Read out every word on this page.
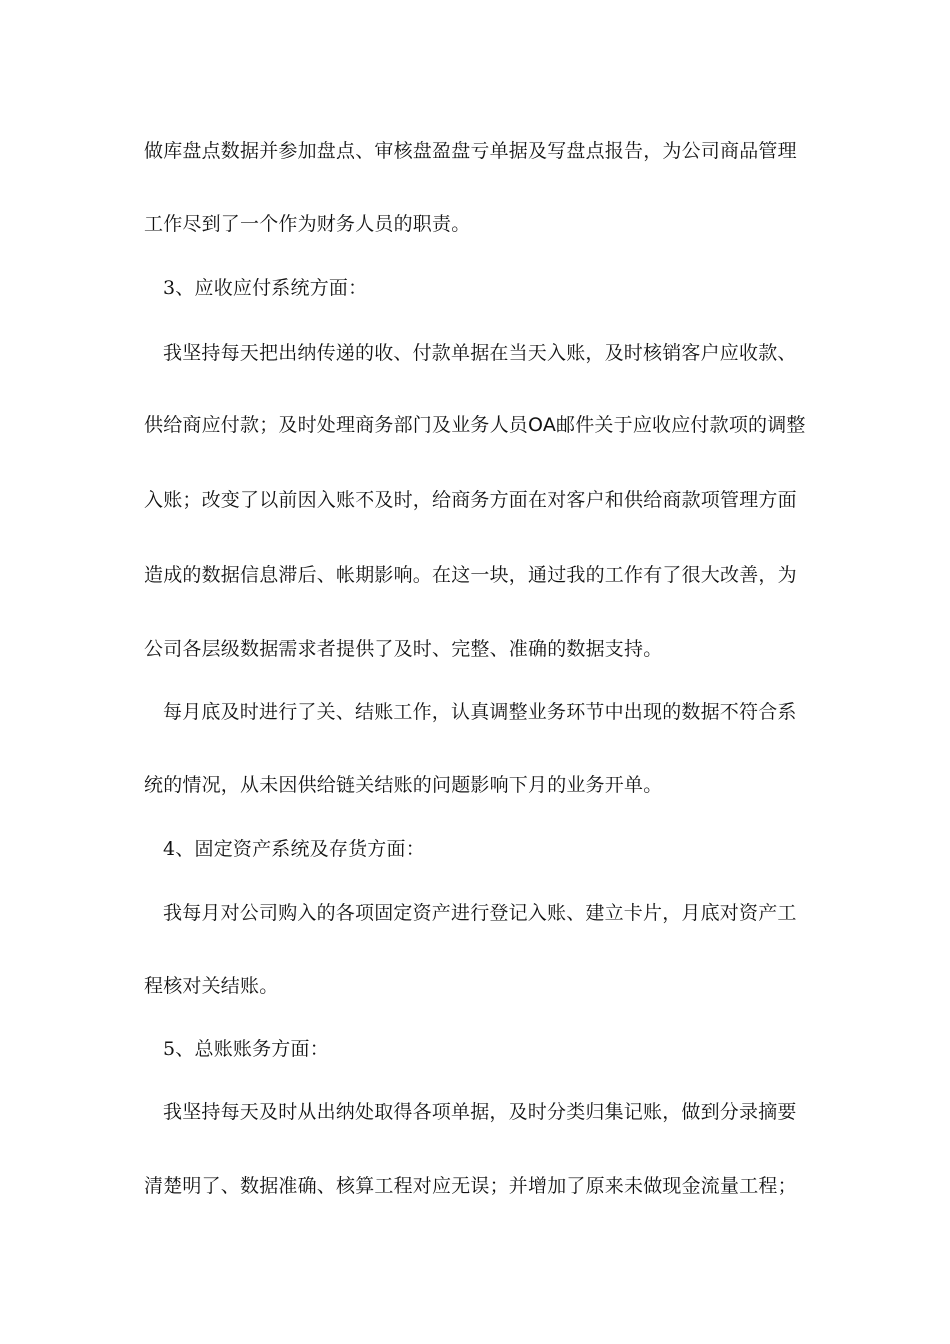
做库盘点数据并参加盘点、审核盘盈盘亏单据及写盘点报告，为公司商品管理
工作尽到了一个作为财务人员的职责。
3、应收应付系统方面：
我坚持每天把出纳传递的收、付款单据在当天入账，及时核销客户应收款、
供给商应付款；及时处理商务部门及业务人员OA邮件关于应收应付款项的调整
入账；改变了以前因入账不及时，给商务方面在对客户和供给商款项管理方面
造成的数据信息滞后、帐期影响。在这一块，通过我的工作有了很大改善，为
公司各层级数据需求者提供了及时、完整、准确的数据支持。
每月底及时进行了关、结账工作，认真调整业务环节中出现的数据不符合系
统的情况，从未因供给链关结账的问题影响下月的业务开单。
4、固定资产系统及存货方面：
我每月对公司购入的各项固定资产进行登记入账、建立卡片，月底对资产工
程核对关结账。
5、总账账务方面：
我坚持每天及时从出纳处取得各项单据，及时分类归集记账，做到分录摘要
清楚明了、数据准确、核算工程对应无误；并增加了原来未做现金流量工程；
